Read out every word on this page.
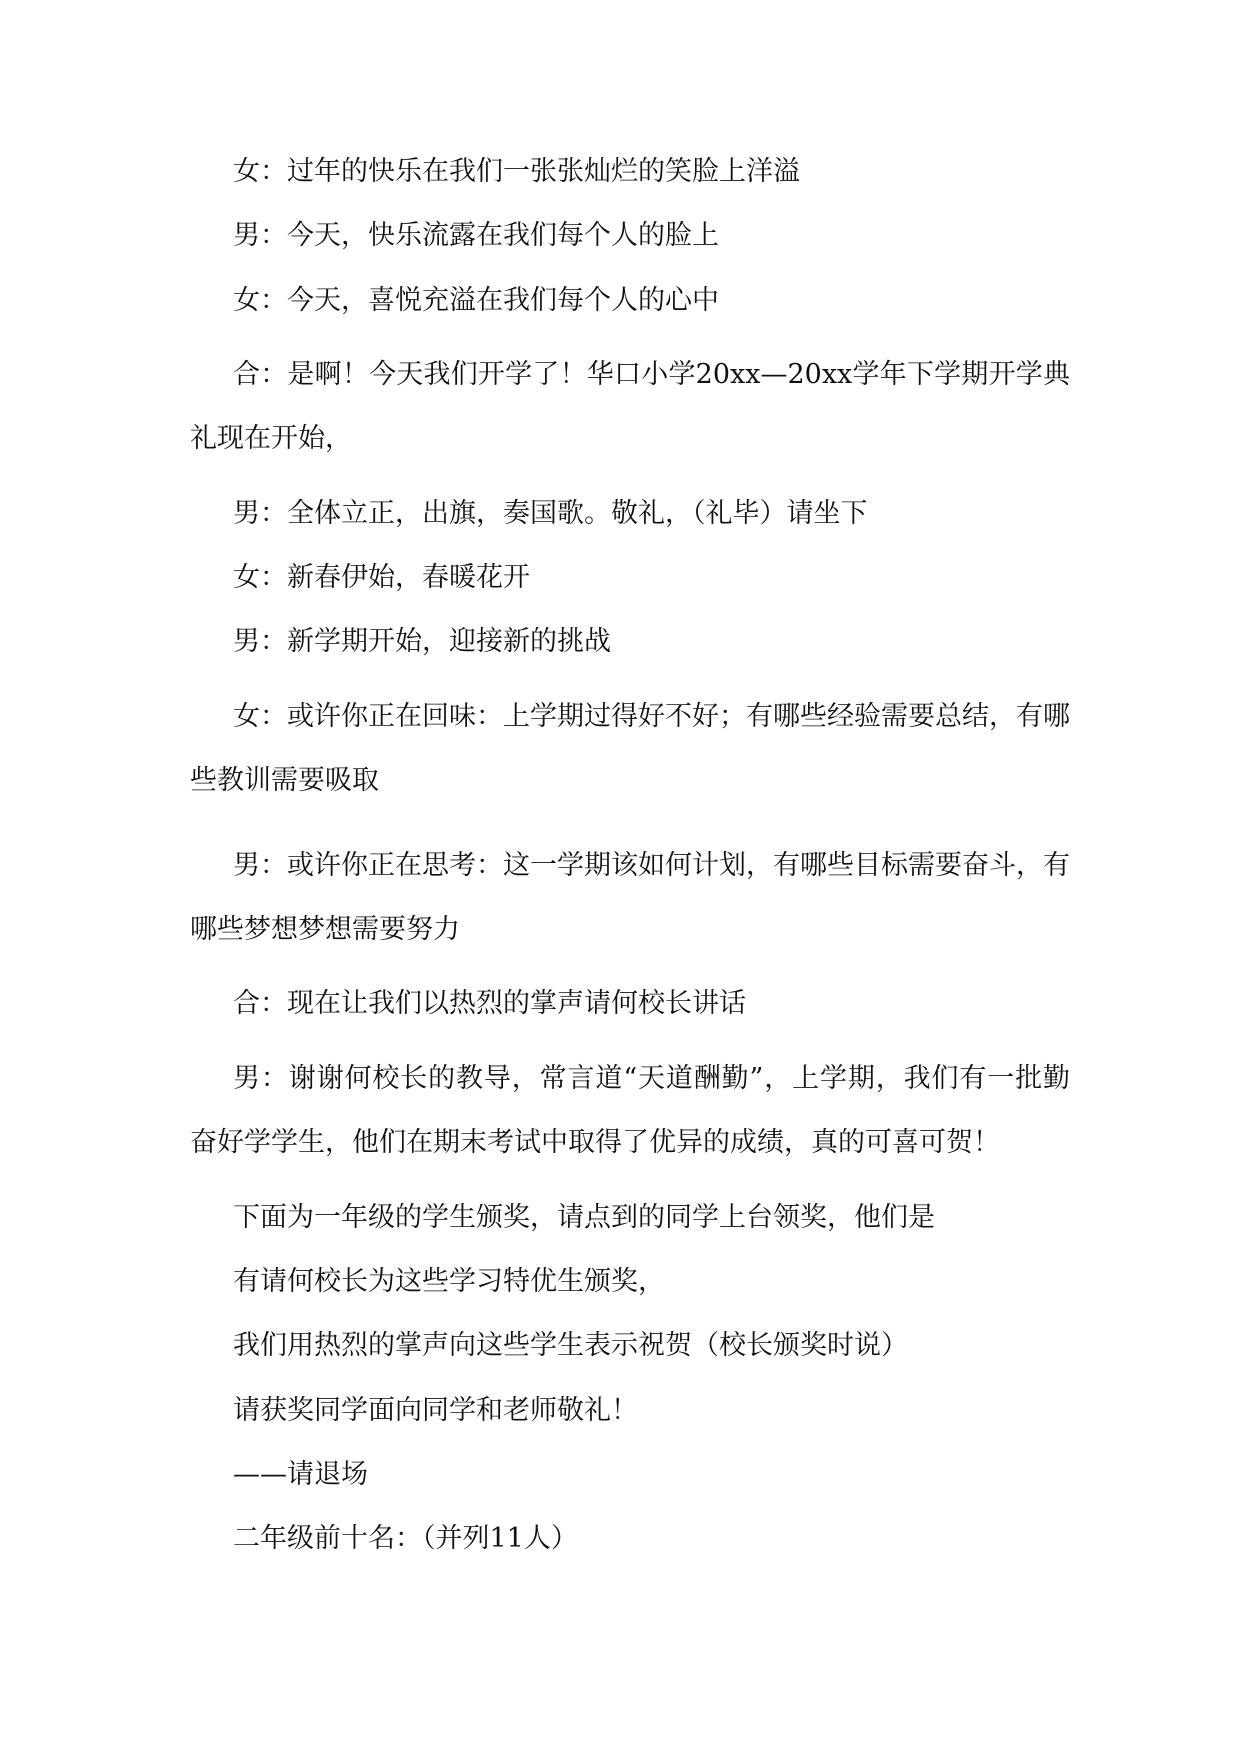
女：过年的快乐在我们一张张灿烂的笑脸上洋溢

男：今天，快乐流露在我们每个人的脸上

女：今天，喜悦充溢在我们每个人的心中

合：是啊！今天我们开学了！华口小学20xx—20xx学年下学期开学典礼现在开始，

男：全体立正，出旗，奏国歌。敬礼，（礼毕）请坐下

女：新春伊始，春暖花开

男：新学期开始，迎接新的挑战

女：或许你正在回味：上学期过得好不好；有哪些经验需要总结，有哪些教训需要吸取

男：或许你正在思考：这一学期该如何计划，有哪些目标需要奋斗，有哪些梦想梦想需要努力

合：现在让我们以热烈的掌声请何校长讲话

男：谢谢何校长的教导，常言道“天道酬勤”，上学期，我们有一批勤奋好学学生，他们在期末考试中取得了优异的成绩，真的可喜可贺！

下面为一年级的学生颁奖，请点到的同学上台领奖，他们是

有请何校长为这些学习特优生颁奖，

我们用热烈的掌声向这些学生表示祝贺（校长颁奖时说）

请获奖同学面向同学和老师敬礼！

——请退场

二年级前十名：（并列11人）
